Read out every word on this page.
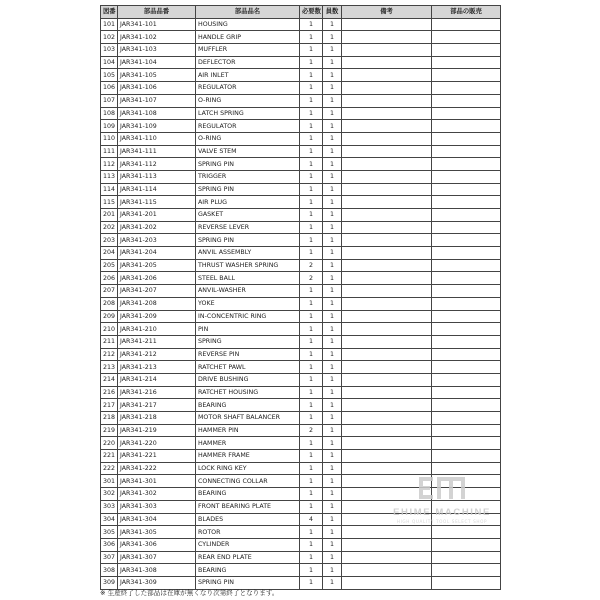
図番	部品品番	部品品名	必要数	員数	備考	部品の販売
101	JAR341-101	HOUSING	1	1		
102	JAR341-102	HANDLE GRIP	1	1		
103	JAR341-103	MUFFLER	1	1		
104	JAR341-104	DEFLECTOR	1	1		
105	JAR341-105	AIR INLET	1	1		
106	JAR341-106	REGULATOR	1	1		
107	JAR341-107	O-RING	1	1		
108	JAR341-108	LATCH SPRING	1	1		
109	JAR341-109	REGULATOR	1	1		
110	JAR341-110	O-RING	1	1		
111	JAR341-111	VALVE STEM	1	1		
112	JAR341-112	SPRING PIN	1	1		
113	JAR341-113	TRIGGER	1	1		
114	JAR341-114	SPRING PIN	1	1		
115	JAR341-115	AIR PLUG	1	1		
201	JAR341-201	GASKET	1	1		
202	JAR341-202	REVERSE LEVER	1	1		
203	JAR341-203	SPRING PIN	1	1		
204	JAR341-204	ANVIL ASSEMBLY	1	1		
205	JAR341-205	THRUST WASHER SPRING	2	1		
206	JAR341-206	STEEL BALL	2	1		
207	JAR341-207	ANVIL-WASHER	1	1		
208	JAR341-208	YOKE	1	1		
209	JAR341-209	IN-CONCENTRIC RING	1	1		
210	JAR341-210	PIN	1	1		
211	JAR341-211	SPRING	1	1		
212	JAR341-212	REVERSE PIN	1	1		
213	JAR341-213	RATCHET PAWL	1	1		
214	JAR341-214	DRIVE BUSHING	1	1		
216	JAR341-216	RATCHET HOUSING	1	1		
217	JAR341-217	BEARING	1	1		
218	JAR341-218	MOTOR SHAFT BALANCER	1	1		
219	JAR341-219	HAMMER PIN	2	1		
220	JAR341-220	HAMMER	1	1		
221	JAR341-221	HAMMER FRAME	1	1		
222	JAR341-222	LOCK RING KEY	1	1		
301	JAR341-301	CONNECTING COLLAR	1	1		
302	JAR341-302	BEARING	1	1		
303	JAR341-303	FRONT BEARING PLATE	1	1		
304	JAR341-304	BLADES	4	1		
305	JAR341-305	ROTOR	1	1		
306	JAR341-306	CYLINDER	1	1		
307	JAR341-307	REAR END PLATE	1	1		
308	JAR341-308	BEARING	1	1		
309	JAR341-309	SPRING PIN	1	1		
EHIME MACHINE
HIGH QUALITY TOOL SELECT SHOP
※ 生産終了した部品は在庫が無くなり次第終了となります。
